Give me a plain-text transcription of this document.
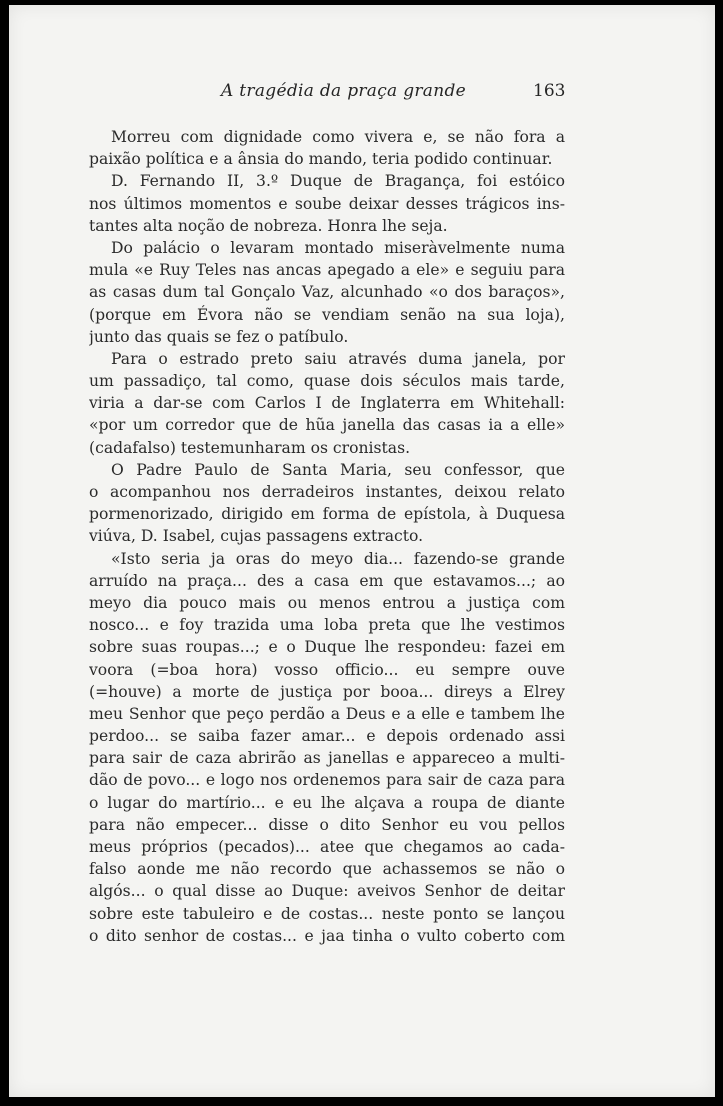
A tragédia da praça grande	163
Morreu com dignidade como vivera e, se não fora a
paixão política e a ânsia do mando, teria podido continuar.
D. Fernando II, 3.º Duque de Bragança, foi estóico
nos últimos momentos e soube deixar desses trágicos ins-
tantes alta noção de nobreza. Honra lhe seja.
Do palácio o levaram montado miseràvelmente numa
mula «e Ruy Teles nas ancas apegado a ele» e seguiu para
as casas dum tal Gonçalo Vaz, alcunhado «o dos baraços»,
(porque em Évora não se vendiam senão na sua loja),
junto das quais se fez o patíbulo.
Para o estrado preto saiu através duma janela, por
um passadiço, tal como, quase dois séculos mais tarde,
viria a dar-se com Carlos I de Inglaterra em Whitehall:
«por um corredor que de hũa janella das casas ia a elle»
(cadafalso) testemunharam os cronistas.
O Padre Paulo de Santa Maria, seu confessor, que
o acompanhou nos derradeiros instantes, deixou relato
pormenorizado, dirigido em forma de epístola, à Duquesa
viúva, D. Isabel, cujas passagens extracto.
«Isto seria ja oras do meyo dia... fazendo-se grande
arruído na praça... des a casa em que estavamos...; ao
meyo dia pouco mais ou menos entrou a justiça com
nosco... e foy trazida uma loba preta que lhe vestimos
sobre suas roupas...; e o Duque lhe respondeu: fazei em
voora (=boa hora) vosso officio... eu sempre ouve
(=houve) a morte de justiça por booa... direys a Elrey
meu Senhor que peço perdão a Deus e a elle e tambem lhe
perdoo... se saiba fazer amar... e depois ordenado assi
para sair de caza abrirão as janellas e appareceo a multi-
dão de povo... e logo nos ordenemos para sair de caza para
o lugar do martírio... e eu lhe alçava a roupa de diante
para não empecer... disse o dito Senhor eu vou pellos
meus próprios (pecados)... atee que chegamos ao cada-
falso aonde me não recordo que achassemos se não o
algós... o qual disse ao Duque: aveivos Senhor de deitar
sobre este tabuleiro e de costas... neste ponto se lançou
o dito senhor de costas... e jaa tinha o vulto coberto com
